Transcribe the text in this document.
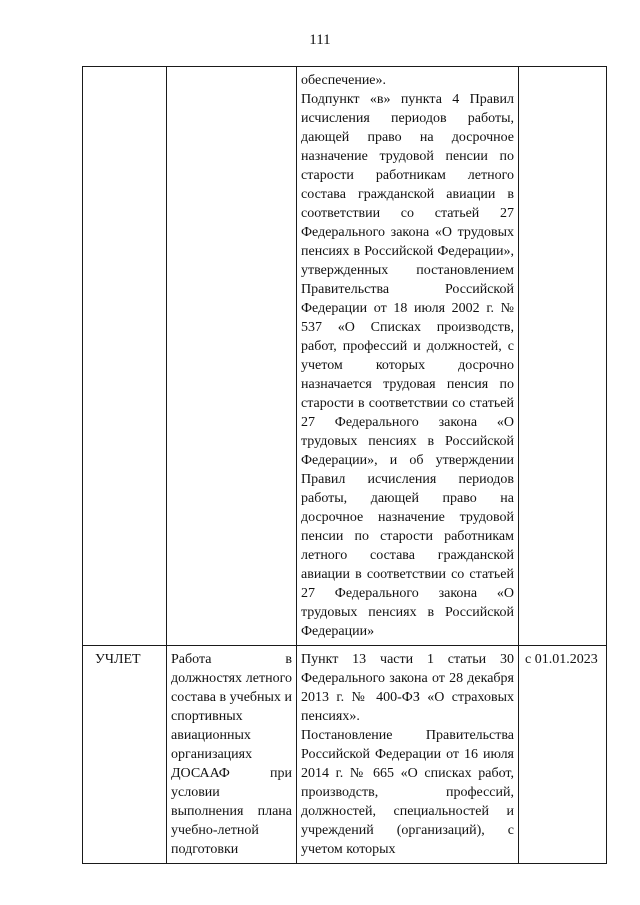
111

		обеспечение».
Подпункт «в» пункта 4 Правил исчисления периодов работы, дающей право на досрочное назначение трудовой пенсии по старости работникам летного состава гражданской авиации в соответствии со статьей 27 Федерального закона «О трудовых пенсиях в Российской Федерации», утвержденных постановлением Правительства Российской Федерации от 18 июля 2002 г. № 537 «О Списках производств, работ, профессий и должностей, с учетом которых досрочно назначается трудовая пенсия по старости в соответствии со статьей 27 Федерального закона «О трудовых пенсиях в Российской Федерации», и об утверждении Правил исчисления периодов работы, дающей право на досрочное назначение трудовой пенсии по старости работникам летного состава гражданской авиации в соответствии со статьей 27 Федерального закона «О трудовых пенсиях в Российской Федерации»	

УЧЛЕТ	Работа в должностях летного состава в учебных и спортивных авиационных организациях ДОСААФ при условии выполнения плана учебно-летной подготовки	Пункт 13 части 1 статьи 30 Федерального закона от 28 декабря 2013 г. № 400-ФЗ «О страховых пенсиях».
Постановление Правительства Российской Федерации от 16 июля 2014 г. № 665 «О списках работ, производств, профессий, должностей, специальностей и учреждений (организаций), с учетом которых	с 01.01.2023
